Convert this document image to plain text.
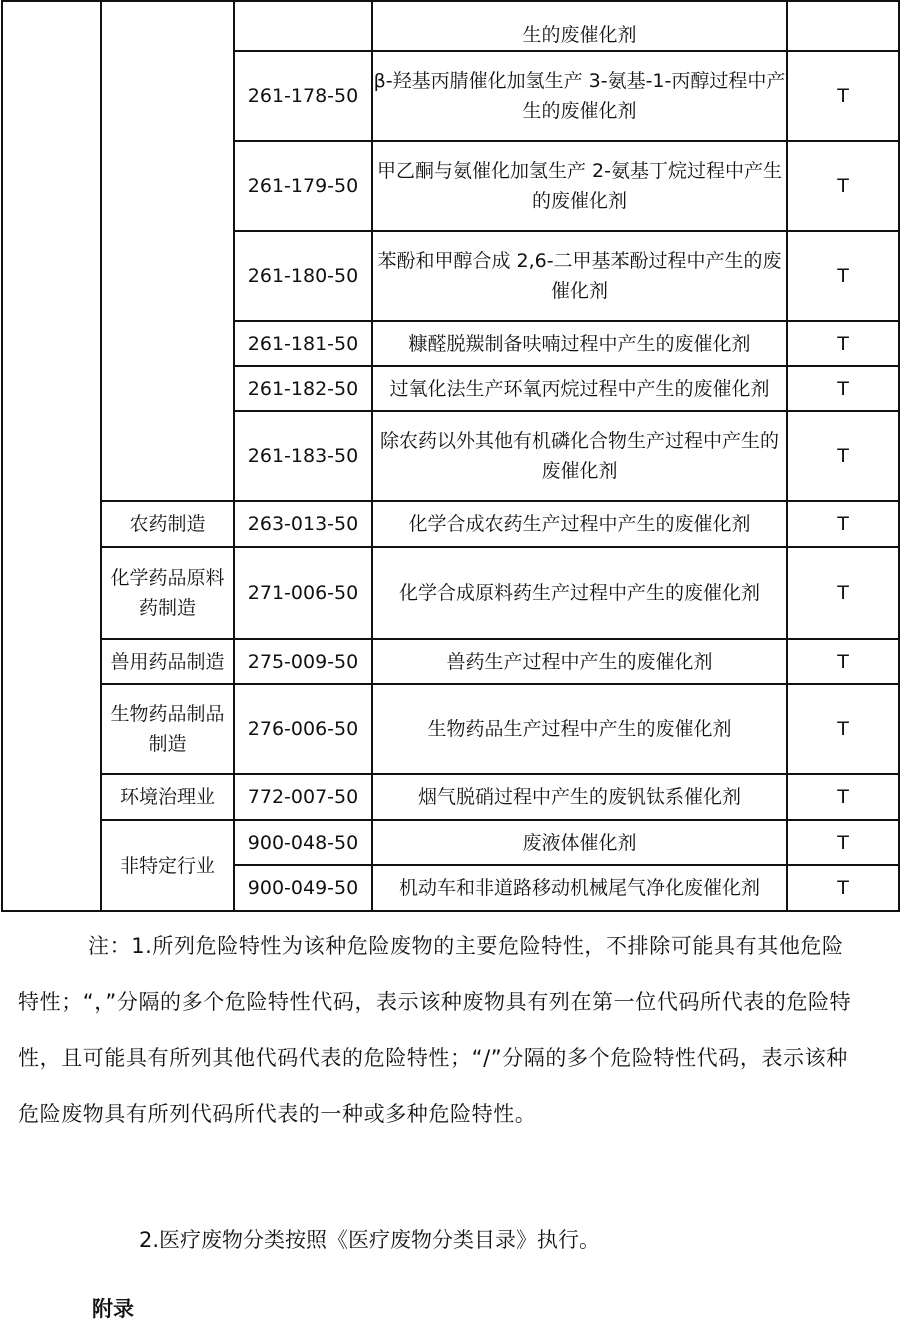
			生的废催化剂	
		261-178-50	β-羟基丙腈催化加氢生产 3-氨基-1-丙醇过程中产生的废催化剂	T
		261-179-50	甲乙酮与氨催化加氢生产 2-氨基丁烷过程中产生的废催化剂	T
		261-180-50	苯酚和甲醇合成 2,6-二甲基苯酚过程中产生的废催化剂	T
		261-181-50	糠醛脱羰制备呋喃过程中产生的废催化剂	T
		261-182-50	过氧化法生产环氧丙烷过程中产生的废催化剂	T
		261-183-50	除农药以外其他有机磷化合物生产过程中产生的废催化剂	T
	农药制造	263-013-50	化学合成农药生产过程中产生的废催化剂	T
	化学药品原料药制造	271-006-50	化学合成原料药生产过程中产生的废催化剂	T
	兽用药品制造	275-009-50	兽药生产过程中产生的废催化剂	T
	生物药品制品制造	276-006-50	生物药品生产过程中产生的废催化剂	T
	环境治理业	772-007-50	烟气脱硝过程中产生的废钒钛系催化剂	T
	非特定行业	900-048-50	废液体催化剂	T
		900-049-50	机动车和非道路移动机械尾气净化废催化剂	T
注：1.所列危险特性为该种危险废物的主要危险特性，不排除可能具有其他危险特性；“，”分隔的多个危险特性代码，表示该种废物具有列在第一位代码所代表的危险特性，且可能具有所列其他代码代表的危险特性；“/”分隔的多个危险特性代码，表示该种危险废物具有所列代码所代表的一种或多种危险特性。
2.医疗废物分类按照《医疗废物分类目录》执行。
附录
